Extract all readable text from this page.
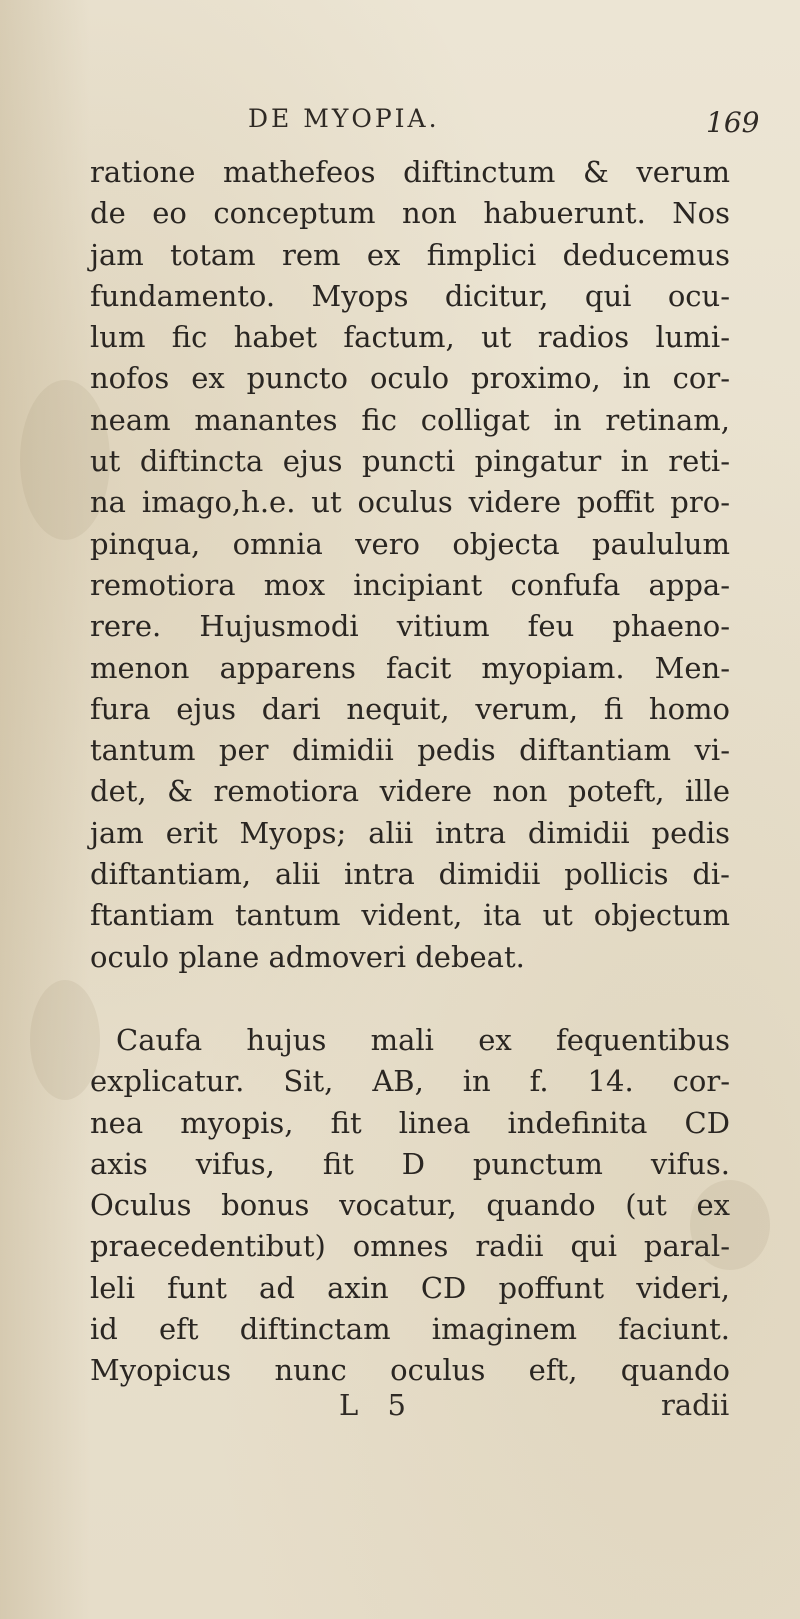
DE MYOPIA.	169
ratione mathefeos diftinctum & verum
de eo conceptum non habuerunt. Nos
jam totam rem ex fimplici deducemus
fundamento. Myops dicitur, qui ocu-
lum fic habet factum, ut radios lumi-
nofos ex puncto oculo proximo, in cor-
neam manantes fic colligat in retinam,
ut diftincta ejus puncti pingatur in reti-
na imago,h.e. ut oculus videre poffit pro-
pinqua, omnia vero objecta paululum
remotiora mox incipiant confufa appa-
rere. Hujusmodi vitium feu phaeno-
menon apparens facit myopiam. Men-
fura ejus dari nequit, verum, fi homo
tantum per dimidii pedis diftantiam vi-
det, & remotiora videre non poteft, ille
jam erit Myops; alii intra dimidii pedis
diftantiam, alii intra dimidii pollicis di-
ftantiam tantum vident, ita ut objectum
oculo plane admoveri debeat.
Caufa hujus mali ex fequentibus
explicatur. Sit, AB, in f. 14. cor-
nea myopis, fit linea indefinita CD
axis vifus, fit D punctum vifus.
Oculus bonus vocatur, quando (ut ex
praecedentibut) omnes radii qui paral-
leli funt ad axin CD poffunt videri,
id eft diftinctam imaginem faciunt.
Myopicus nunc oculus eft, quando
L 5	radii
